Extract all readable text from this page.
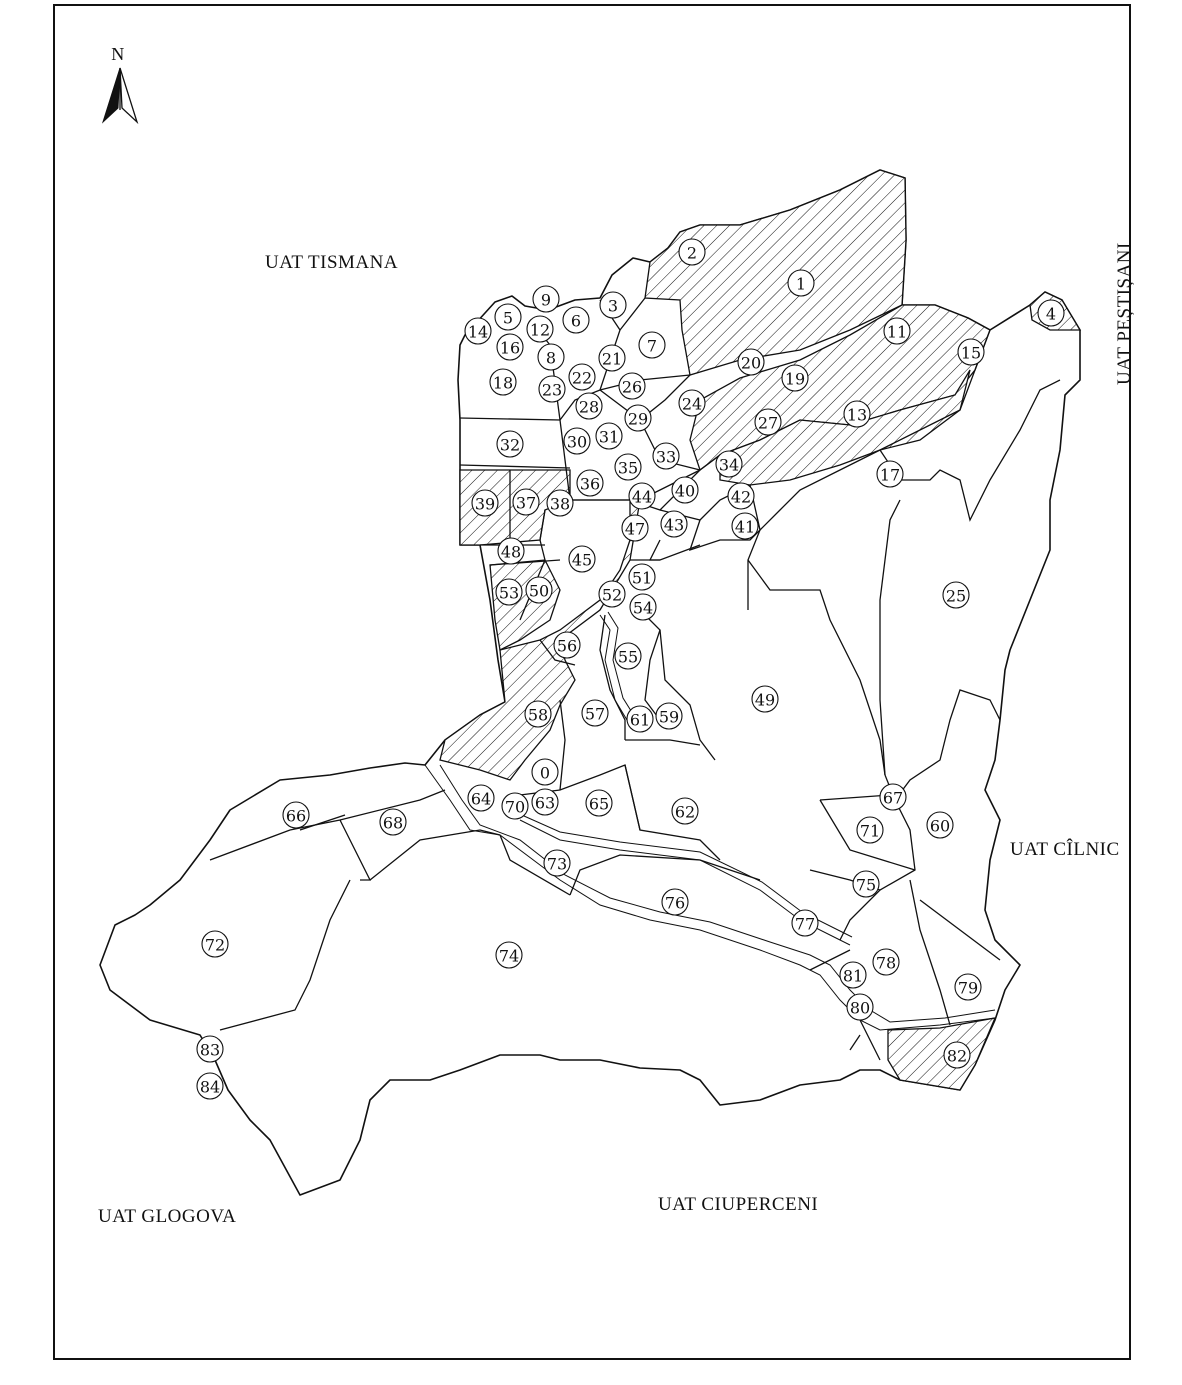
N
1
2
3	4
5	6
7
8
9
11
12
13
14
15
16
17
18	19
20
21
22
23
24
25
26
27
28
29
30 31
32
33	34
35
36
37 38
39
40
41
42
43
44
45
47
48
49
50
51
52
53
54
55
56
57
58	59
60
61
62
63
64	65
66
67
68
0
70
71
72
73
74
75
76
77
78
79
80
81
82
83
84
UAT TISMANA	UAT PEȘTIȘANI
UAT CÎLNIC
UAT GLOGOVA
UAT CIUPERCENI
